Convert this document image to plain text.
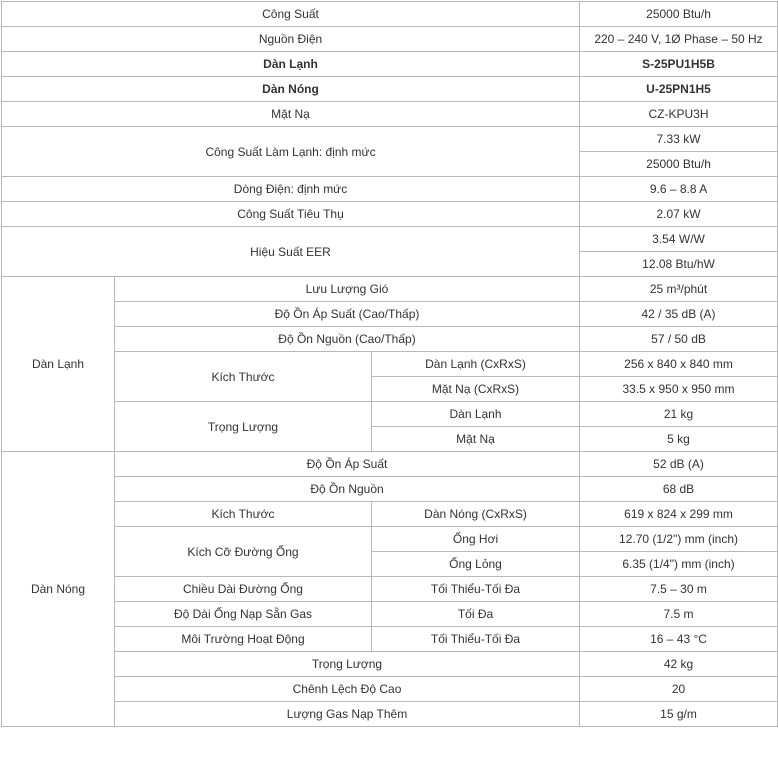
Công Suất			25000 Btu/h
Nguồn Điện			220 – 240 V, 1Ø Phase – 50 Hz
Dàn Lạnh			S-25PU1H5B
Dàn Nóng			U-25PN1H5
Mặt Nạ			CZ-KPU3H
Công Suất Làm Lạnh: định mức			7.33 kW
			25000 Btu/h
Dòng Điện: định mức			9.6 – 8.8 A
Công Suất Tiêu Thụ			2.07 kW
Hiệu Suất EER			3.54 W/W
			12.08 Btu/hW
Dàn Lạnh	Lưu Lượng Gió		25 m³/phút
	Độ Ồn Áp Suất (Cao/Thấp)		42 / 35 dB (A)
	Độ Ồn Nguồn (Cao/Thấp)		57 / 50 dB
	Kích Thước	Dàn Lạnh (CxRxS)	256 x 840 x 840 mm
		Mặt Nạ (CxRxS)	33.5 x 950 x 950 mm
	Trọng Lượng	Dàn Lạnh	21 kg
		Mặt Nạ	5 kg
Dàn Nóng	Độ Ồn Áp Suất		52 dB (A)
	Độ Ồn Nguồn		68 dB
	Kích Thước	Dàn Nóng (CxRxS)	619 x 824 x 299 mm
	Kích Cỡ Đường Ống	Ống Hơi	12.70 (1/2") mm (inch)
		Ống Lỏng	6.35 (1/4") mm (inch)
	Chiều Dài Đường Ống	Tối Thiểu-Tối Đa	7.5 – 30 m
	Độ Dài Ống Nạp Sẵn Gas	Tối Đa	7.5 m
	Môi Trường Hoạt Động	Tối Thiểu-Tối Đa	16 – 43 °C
	Trọng Lượng		42 kg
	Chênh Lệch Độ Cao		20
	Lượng Gas Nạp Thêm		15 g/m
